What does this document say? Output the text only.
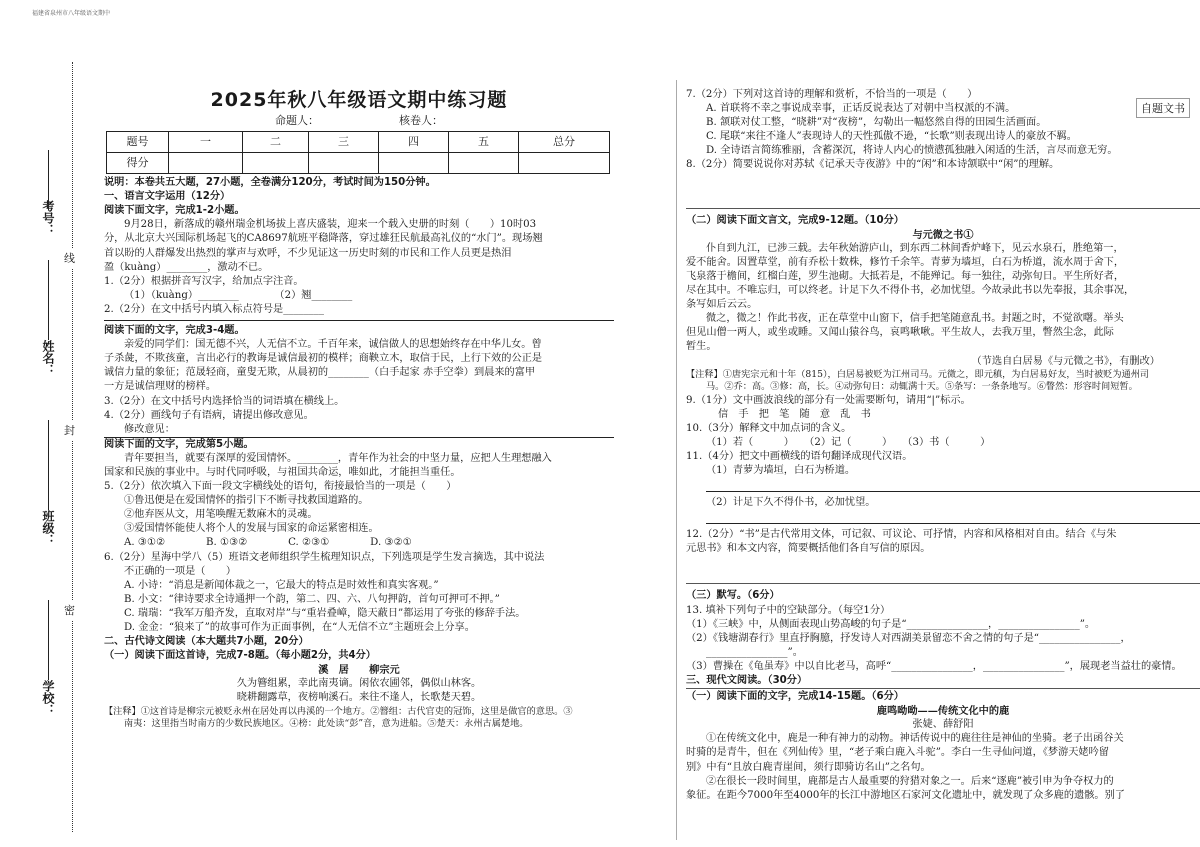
福建省泉州市八年级语文期中
考号：
姓名：
班级：
学校：
线
封
密
2025年秋八年级语文期中练习题
命题人：	核卷人：
题号	一	二	三	四	五	总分
得分						
说明：本卷共五大题，27小题，全卷满分120分，考试时间为150分钟。
一、语言文字运用（12分）
阅读下面文字，完成1-2小题。
9月28日，新落成的赣州瑞金机场拔上喜庆盛装，迎来一个载入史册的时刻（　　）10时03
分，从北京大兴国际机场起飞的CA8697航班平稳降落，穿过雄狂民航最高礼仪的“水门”。现场翘
首以盼的人群爆发出热烈的掌声与欢呼，不少见证这一历史时刻的市民和工作人员更是热泪
盈（kuàng）________，激动不已。
1.（2分）根据拼音写汉字，给加点字注音。
（1）（kuàng）________　　　　（2）翘________
2.（2分）在文中括号内填入标点符号是________
阅读下面的文字，完成3-4题。
亲爱的同学们：国无德不兴，人无信不立。千百年来，诚信做人的思想始终存在中华儿女。曾
子杀彘，不欺孩童，言出必行的教诲是诚信最初的模样；商鞅立木，取信于民，上行下效的公正是
诚信力量的象征；范晟轻商，童叟无欺，从晨初的________（白手起家 赤手空拳）到晨来的富甲
一方是诚信理财的榜样。
3.（2分）在文中括号内选择恰当的词语填在横线上。
4.（2分）画线句子有语病，请提出修改意见。
修改意见：
阅读下面的文字，完成第5小题。
青年要担当，就要有深厚的爱国情怀。________，青年作为社会的中坚力量，应把人生理想融入
国家和民族的事业中。与时代同呼吸，与祖国共命运，唯如此，才能担当重任。
5.（2分）依次填入下面一段文字横线处的语句，衔接最恰当的一项是（　　）
①鲁迅便是在爱国情怀的指引下不断寻找救国道路的。
②他弃医从文，用笔唤醒无数麻木的灵魂。
③爱国情怀能使人将个人的发展与国家的命运紧密相连。
A. ③①②　　　　B. ①③②　　　　C. ②③①　　　　D. ③②①
6.（2分）星海中学八（5）班语文老师组织学生梳理知识点，下列选项是学生发言摘选，其中说法
不正确的一项是（　　）
A. 小诗：“消息是新闻体裁之一，它最大的特点是时效性和真实客观。”
B. 小文：“律诗要求全诗通押一个韵，第二、四、六、八句押韵，首句可押可不押。”
C. 瑞瑞：“我军万船齐发，直取对岸”与“重岩叠嶂，隐天蔽日”都运用了夸张的修辞手法。
D. 金金：“狼来了”的故事可作为正面事例，在“人无信不立”主题班会上分享。
二、古代诗文阅读（本大题共7小题，20分）
（一）阅读下面这首诗，完成7-8题。（每小题2分，共4分）
溪　居　　柳宗元
久为簪组累，幸此南夷谪。闲依农圃邻，偶似山林客。
晓耕翻露草，夜榜响溪石。来往不逢人，长歌楚天碧。
【注释】①这首诗是柳宗元被贬永州在居处再以冉溪的一个地方。②簪组：古代官吏的冠饰，这里是做官的意思。③
南夷：这里指当时南方的少数民族地区。④榜：此处读“彭”音，意为进船。⑤楚天：永州古属楚地。
自题文书
7.（2分）下列对这首诗的理解和赏析，不恰当的一项是（　　）
A. 首联将不幸之事说成幸事，正话反说表达了对朝中当权派的不满。
B. 颔联对仗工整，“晓耕”对“夜榜”，勾勒出一幅悠然自得的田园生活画面。
C. 尾联“来往不逢人”表现诗人的天性孤傲不逊，“长歌”则表现出诗人的豪放不羁。
D. 全诗语言简练雅丽，含蓄深沉，将诗人内心的愤懑孤独融入闲适的生活，言尽而意无穷。
8.（2分）简要说说你对苏轼《记承天寺夜游》中的“闲”和本诗颔联中“闲”的理解。
（二）阅读下面文言文，完成9-12题。（10分）
与元微之书①
仆自到九江，已涉三载。去年秋始游庐山，到东西二林间香炉峰下，见云水泉石，胜绝第一，
爱不能舍。因置草堂，前有乔松十数株，修竹千余竿。青萝为墙垣，白石为桥道，流水周于舍下，
飞泉落于檐间，红榴白莲，罗生池砌。大抵若是，不能殚记。每一独往，动弥旬日。平生所好者，
尽在其中。不唯忘归，可以终老。计足下久不得仆书，必加忧望。今故录此书以先奉报，其余事况，
条写如后云云。
微之，微之！作此书夜，正在草堂中山窗下，信手把笔随意乱书。封题之时，不觉欲曙。举头
但见山僧一两人，或坐或睡。又闻山猿谷鸟，哀鸣啾啾。平生故人，去我万里，瞥然尘念，此际
暂生。
（节选自白居易《与元微之书》，有删改）
【注释】①唐宪宗元和十年（815），白居易被贬为江州司马。元微之，即元稹，为白居易好友，当时被贬为通州司
马。②乔：高。③修：高，长。④动弥旬日：动辄满十天。⑤条写：一条条地写。⑥瞥然：形容时间短暂。
9.（1分）文中画波浪线的部分有一处需要断句，请用“|”标示。
信　手　把　笔　随　意　乱　书
10.（3分）解释文中加点词的含义。
（1）若（　　　）　　（2）记（　　　）　　（3）书（　　　）
11.（4分）把文中画横线的语句翻译成现代汉语。
（1）青萝为墙垣，白石为桥道。
（2）计足下久不得仆书，必加忧望。
12.（2分）“书”是古代常用文体，可记叙、可议论、可抒情，内容和风格相对自由。结合《与朱
元思书》和本文内容，简要概括他们各自写信的原因。
（三）默写。（6分）
13. 填补下列句子中的空缺部分。（每空1分）
（1）《三峡》中，从侧面表现山势高峻的句子是“________________，________________”。
（2）《钱塘湖春行》里直抒胸臆，抒发诗人对西湖美景留恋不舍之情的句子是“________________，
________________”。
（3）曹操在《龟虽寿》中以自比老马，高呼“________________，________________”，展现老当益壮的豪情。
三、现代文阅读。（30分）
（一）阅读下面的文字，完成14-15题。（6分）
鹿鸣呦呦——传统文化中的鹿
张婕、薛舒阳
①在传统文化中，鹿是一种有神力的动物。神话传说中的鹿往往是神仙的坐骑。老子出函谷关
时骑的是青牛，但在《列仙传》里，“老子乘白鹿入斗驼”。李白一生寻仙问道，《梦游天姥吟留
别》中有“且放白鹿青崖间，须行即骑访名山”之名句。
②在很长一段时间里，鹿都是古人最重要的狩猎对象之一。后来“逐鹿”被引申为争夺权力的
象征。在距今7000年至4000年的长江中游地区石家河文化遗址中，就发现了众多鹿的遗骸。别了
